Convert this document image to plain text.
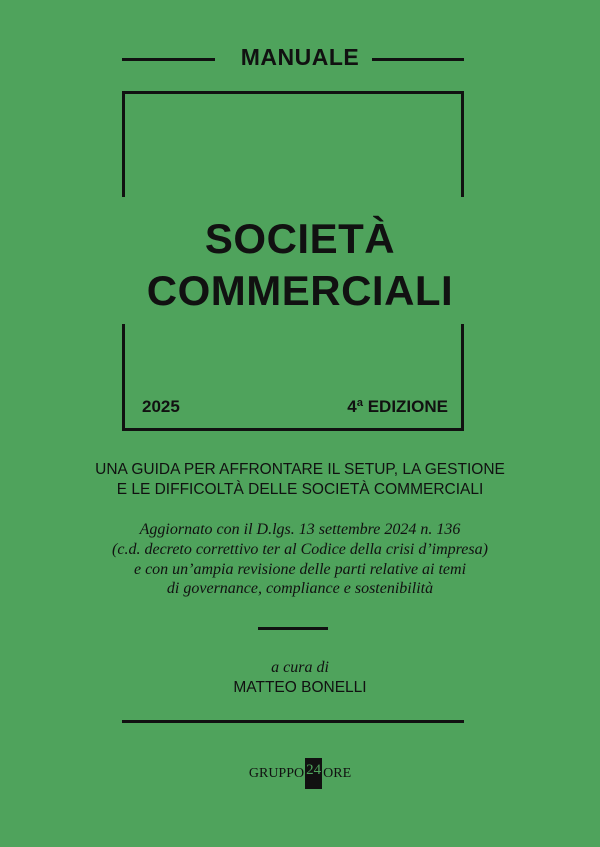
MANUALE
SOCIETÀ
COMMERCIALI
2025	4ª EDIZIONE
UNA GUIDA PER AFFRONTARE IL SETUP, LA GESTIONE
E LE DIFFICOLTÀ DELLE SOCIETÀ COMMERCIALI
Aggiornato con il D.lgs. 13 settembre 2024 n. 136
(c.d. decreto correttivo ter al Codice della crisi d’impresa)
e con un’ampia revisione delle parti relative ai temi
di governance, compliance e sostenibilità
a cura di
MATTEO BONELLI
GRUPPO 24 ORE
